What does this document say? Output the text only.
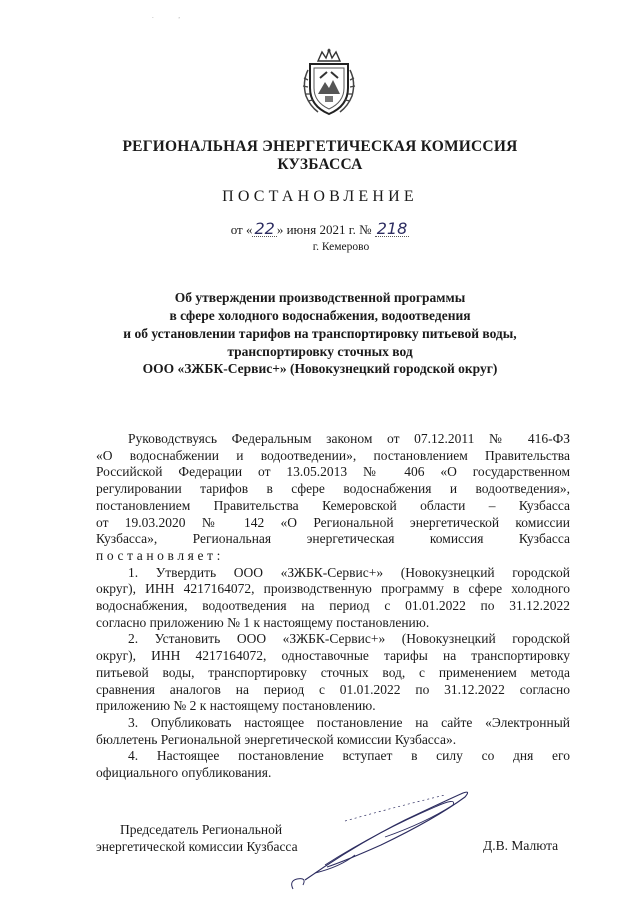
.              ,
РЕГИОНАЛЬНАЯ ЭНЕРГЕТИЧЕСКАЯ КОМИССИЯ
КУЗБАССА
ПОСТАНОВЛЕНИЕ
от « 22 » июня 2021 г. № 218
г. Кемерово
Об утверждении производственной программы
в сфере холодного водоснабжения, водоотведения
и об установлении тарифов на транспортировку питьевой воды,
транспортировку сточных вод
ООО «ЗЖБК-Сервис+» (Новокузнецкий городской округ)
Руководствуясь Федеральным законом от 07.12.2011 № 416-ФЗ
«О водоснабжении и водоотведении», постановлением Правительства
Российской Федерации от 13.05.2013 № 406 «О государственном
регулировании тарифов в сфере водоснабжения и водоотведения»,
постановлением Правительства Кемеровской области – Кузбасса
от 19.03.2020 № 142 «О Региональной энергетической комиссии
Кузбасса», Региональная энергетическая комиссия Кузбасса
постановляет:
1. Утвердить ООО «ЗЖБК-Сервис+» (Новокузнецкий городской
округ), ИНН 4217164072, производственную программу в сфере холодного
водоснабжения, водоотведения на период с 01.01.2022 по 31.12.2022
согласно приложению № 1 к настоящему постановлению.
2. Установить ООО «ЗЖБК-Сервис+» (Новокузнецкий городской
округ), ИНН 4217164072, одноставочные тарифы на транспортировку
питьевой воды, транспортировку сточных вод, с применением метода
сравнения аналогов на период с 01.01.2022 по 31.12.2022 согласно
приложению № 2 к настоящему постановлению.
3. Опубликовать настоящее постановление на сайте «Электронный
бюллетень Региональной энергетической комиссии Кузбасса».
4. Настоящее постановление вступает в силу со дня его
официального опубликования.
Председатель Региональной
энергетической комиссии Кузбасса	Д.В. Малюта
